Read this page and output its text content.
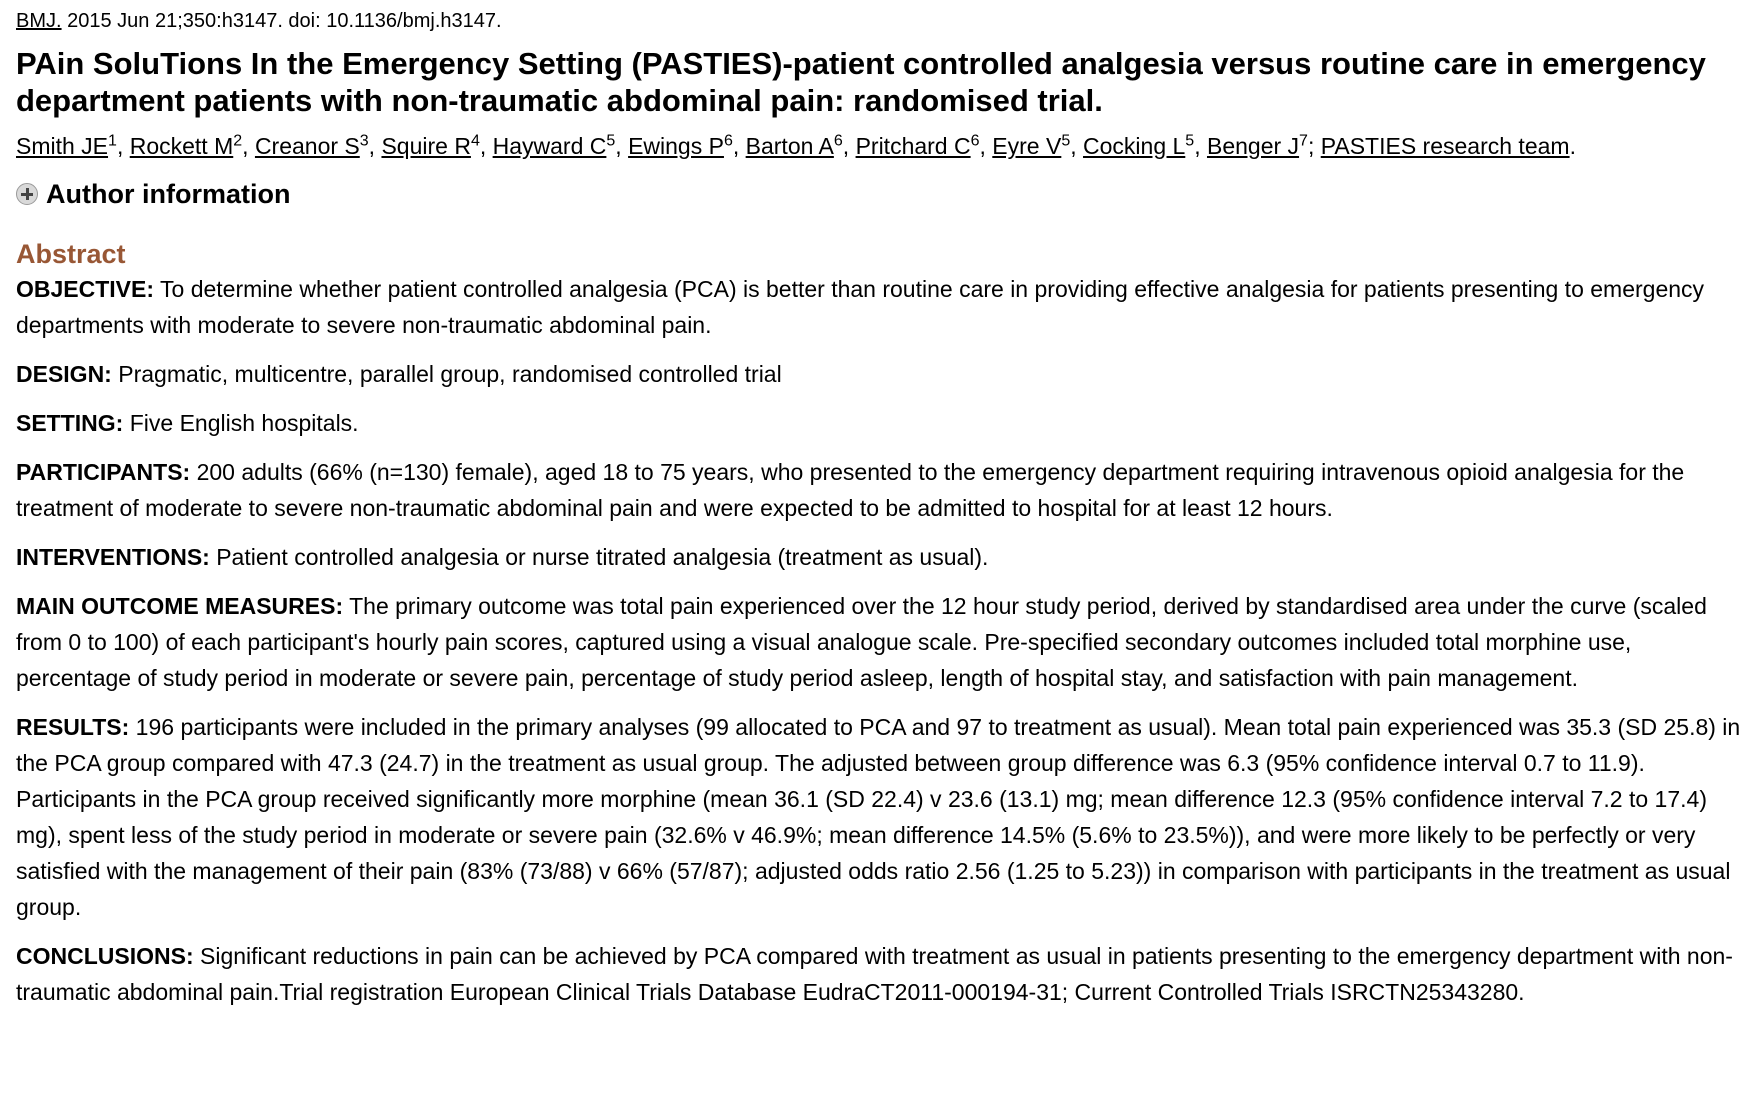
BMJ. 2015 Jun 21;350:h3147. doi: 10.1136/bmj.h3147.

PAin SoluTions In the Emergency Setting (PASTIES)-patient controlled analgesia versus routine care in emergency department patients with non-traumatic abdominal pain: randomised trial.

Smith $JE^1$, Rockett $M^2$, Creanor $S^3$, Squire $R^4$, Hayward $C^5$, Ewings $P^6$, Barton $A^6$, Pritchard $C^6$, Eyre $V^5$, Cocking $L^5$, Benger $J^7$; PASTIES research team.

Author information
Abstract

OBJECTIVE: To determine whether patient controlled analgesia (PCA) is better than routine care in providing effective analgesia for patients presenting to emergency departments with moderate to severe non-traumatic abdominal pain.

DESIGN: Pragmatic, multicentre, parallel group, randomised controlled trial

SETTING: Five English hospitals.

PARTICIPANTS: 200 adults (66% (n=130) female), aged 18 to 75 years, who presented to the emergency department requiring intravenous opioid analgesia for the treatment of moderate to severe non-traumatic abdominal pain and were expected to be admitted to hospital for at least 12 hours.

INTERVENTIONS: Patient controlled analgesia or nurse titrated analgesia (treatment as usual).

MAIN OUTCOME MEASURES: The primary outcome was total pain experienced over the 12 hour study period, derived by standardised area under the curve (scaled from 0 to 100) of each participant's hourly pain scores, captured using a visual analogue scale. Pre-specified secondary outcomes included total morphine use, percentage of study period in moderate or severe pain, percentage of study period asleep, length of hospital stay, and satisfaction with pain management.

RESULTS: 196 participants were included in the primary analyses (99 allocated to PCA and 97 to treatment as usual). Mean total pain experienced was 35.3 (SD 25.8) in the PCA group compared with 47.3 (24.7) in the treatment as usual group. The adjusted between group difference was 6.3 (95% confidence interval 0.7 to 11.9). Participants in the PCA group received significantly more morphine (mean 36.1 (SD 22.4) v 23.6 (13.1) mg; mean difference 12.3 (95% confidence interval 7.2 to 17.4) mg), spent less of the study period in moderate or severe pain (32.6% v 46.9%; mean difference 14.5% (5.6% to 23.5%)), and were more likely to be perfectly or very satisfied with the management of their pain (83% (73/88) v 66% (57/87); adjusted odds ratio 2.56 (1.25 to 5.23)) in comparison with participants in the treatment as usual group.

CONCLUSIONS: Significant reductions in pain can be achieved by PCA compared with treatment as usual in patients presenting to the emergency department with non-traumatic abdominal pain.Trial registration European Clinical Trials Database EudraCT2011-000194-31; Current Controlled Trials ISRCTN25343280.
